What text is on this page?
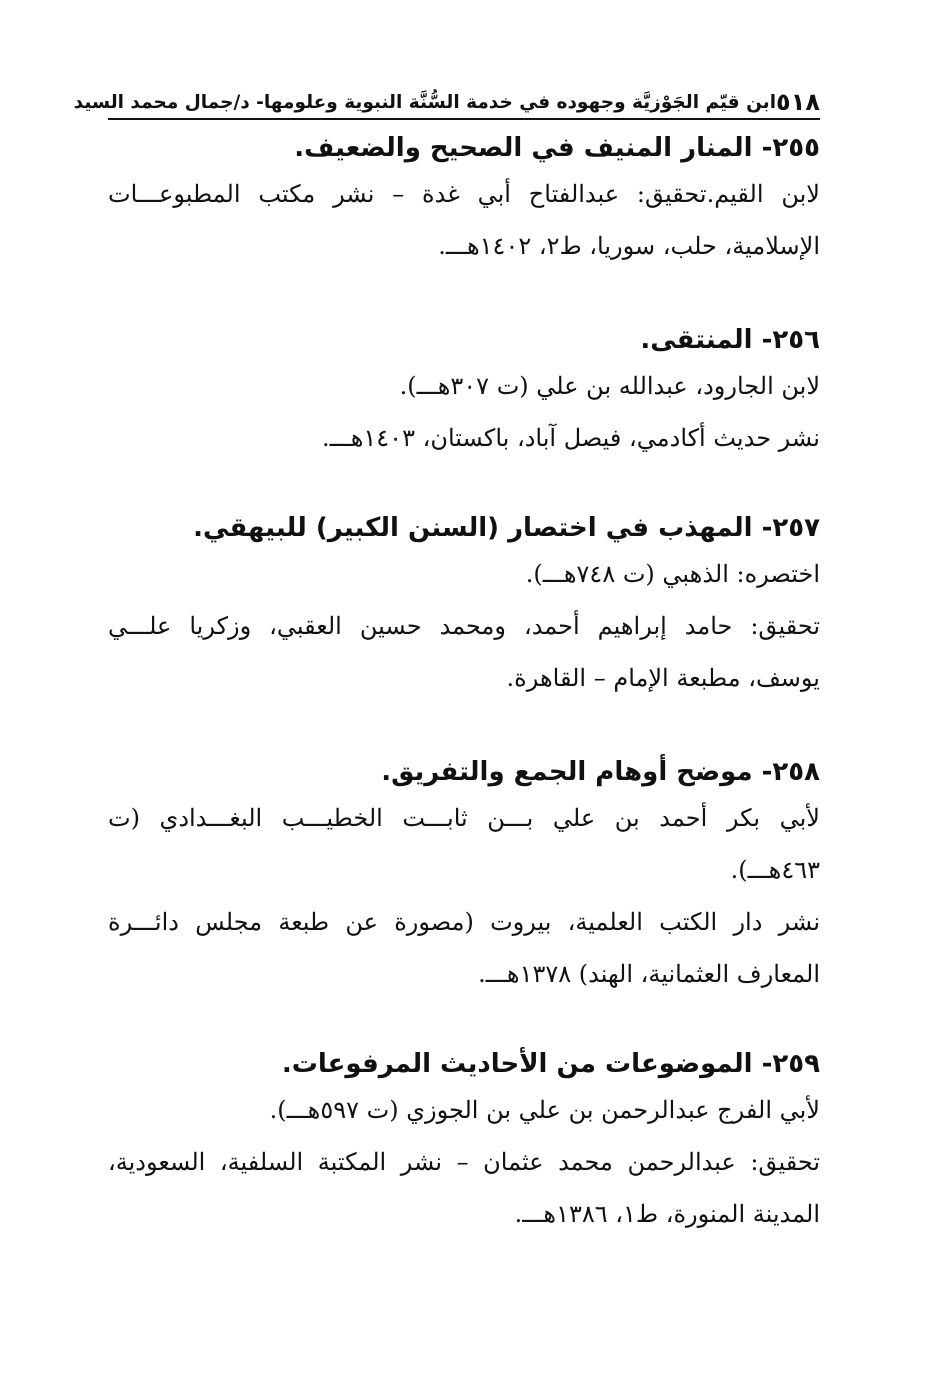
٥١٨
ابن قيّم الجَوْزيَّة وجهوده في خدمة السُّنَّة النبوية وعلومها- د/جمال محمد السيد

٢٥٥- المنار المنيف في الصحيح والضعيف.

لابن القيم.تحقيق: عبدالفتاح أبي غدة – نشر مكتب المطبوعـــات

الإسلامية، حلب، سوريا، ط٢، ١٤٠٢هـــ.

٢٥٦- المنتقى.

لابن الجارود، عبدالله بن علي (ت ٣٠٧هـــ).

نشر حديث أكادمي، فيصل آباد، باكستان، ١٤٠٣هـــ.

٢٥٧- المهذب في اختصار (السنن الكبير) للبيهقي.

اختصره: الذهبي (ت ٧٤٨هـــ).

تحقيق: حامد إبراهيم أحمد، ومحمد حسين العقبي، وزكريا علـــي

يوسف، مطبعة الإمام – القاهرة.

٢٥٨- موضح أوهام الجمع والتفريق.

لأبي بكر أحمد بن علي بـــن ثابـــت الخطيـــب البغـــدادي (ت

٤٦٣هـــ).

نشر دار الكتب العلمية، بيروت (مصورة عن طبعة مجلس دائـــرة

المعارف العثمانية، الهند) ١٣٧٨هـــ.

٢٥٩- الموضوعات من الأحاديث المرفوعات.

لأبي الفرج عبدالرحمن بن علي بن الجوزي (ت ٥٩٧هـــ).

تحقيق: عبدالرحمن محمد عثمان – نشر المكتبة السلفية، السعودية،

المدينة المنورة، ط١، ١٣٨٦هـــ.
